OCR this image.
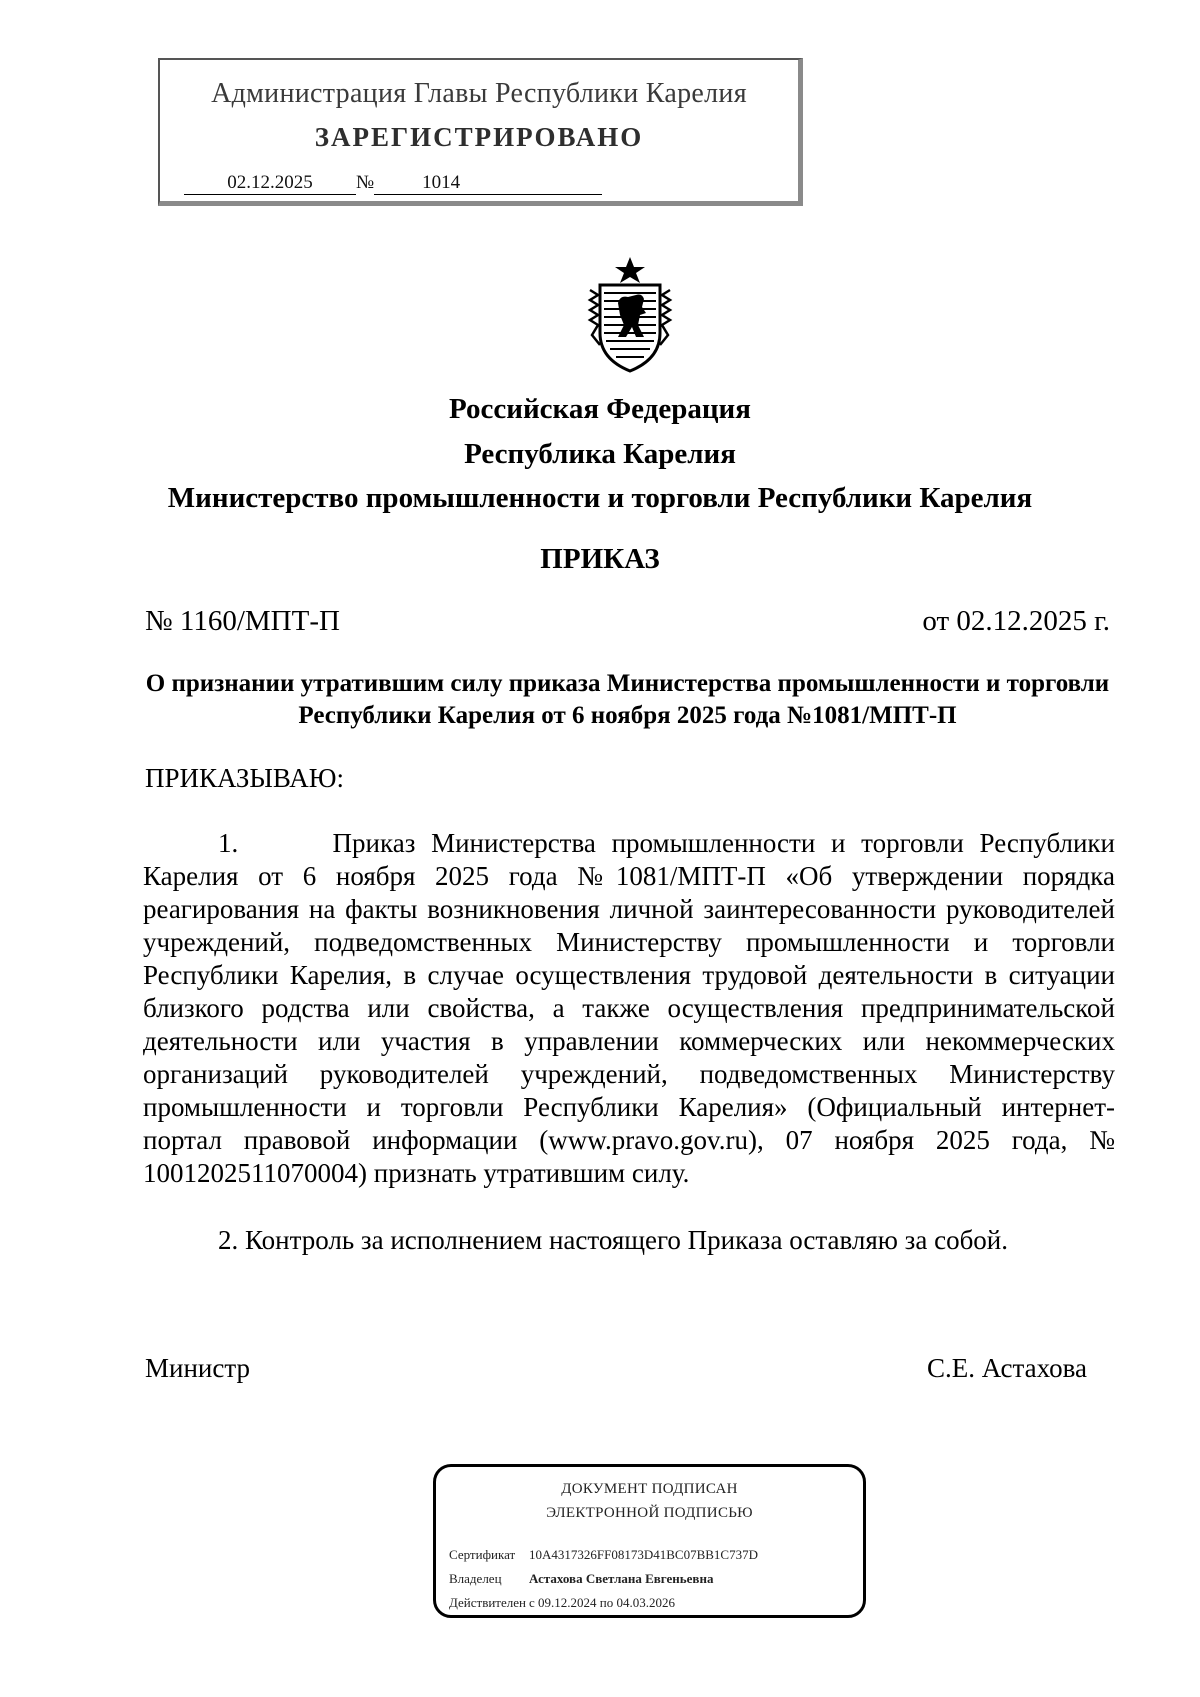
Администрация Главы Республики Карелия
ЗАРЕГИСТРИРОВАНО
02.12.2025 №	1014
Российская Федерация
Республика Карелия
Министерство промышленности и торговли Республики Карелия
ПРИКАЗ
№ 1160/МПТ-П	от 02.12.2025 г.
О признании утратившим силу приказа Министерства промышленности и торговли Республики Карелия от 6 ноября 2025 года №1081/МПТ-П
ПРИКАЗЫВАЮ:
1.      Приказ Министерства промышленности и торговли Республики Карелия от 6 ноября 2025 года №1081/МПТ-П «Об утверждении порядка реагирования на факты возникновения личной заинтересованности руководителей учреждений, подведомственных Министерству промышленности и торговли Республики Карелия, в случае осуществления трудовой деятельности в ситуации близкого родства или свойства, а также осуществления предпринимательской деятельности или участия в управлении коммерческих или некоммерческих организаций руководителей учреждений, подведомственных Министерству промышленности и торговли Республики Карелия» (Официальный интернет-портал правовой информации (www.pravo.gov.ru), 07 ноября 2025 года, № 1001202511070004) признать утратившим силу.
2. Контроль за исполнением настоящего Приказа оставляю за собой.
Министр	С.Е. Астахова
ДОКУМЕНТ ПОДПИСАН
ЭЛЕКТРОННОЙ ПОДПИСЬЮ
Сертификат 10A4317326FF08173D41BC07BB1C737D
Владелец Астахова Светлана Евгеньевна
Действителен с 09.12.2024 по 04.03.2026
